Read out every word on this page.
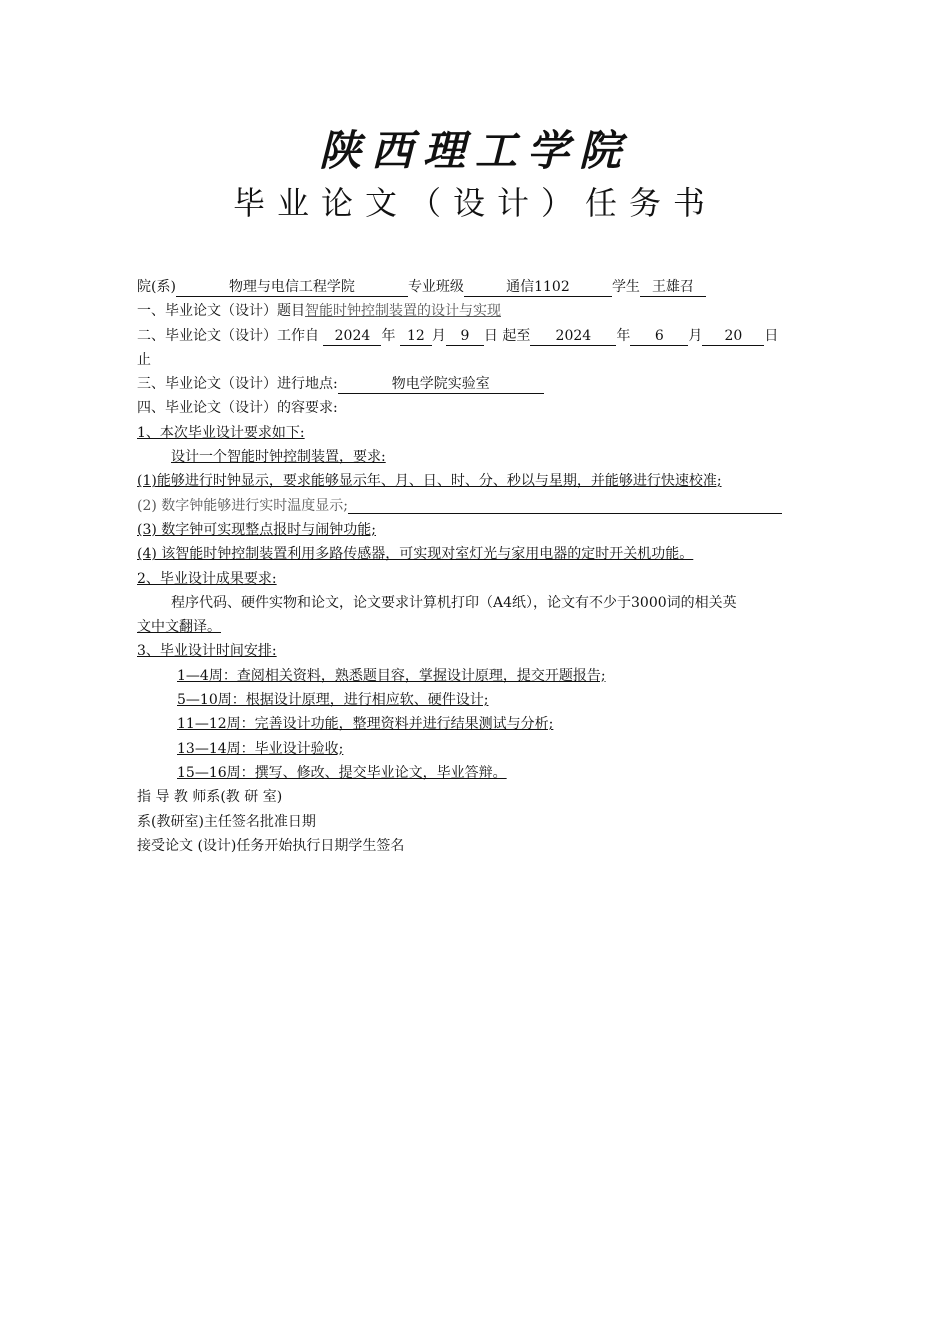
陕西理工学院
毕业论文（设计）任务书
院(系)	物理与电信工程学院	专业班级	通信1102	学生 王雄召
一、毕业论文（设计）题目智能时钟控制装置的设计与实现
二、毕业论文（设计）工作自 2024 年 12 月 9 日 起至 2024 年 6 月 20 日
止
三、毕业论文（设计）进行地点:	物电学院实验室
四、毕业论文（设计）的容要求:
1、本次毕业设计要求如下:
设计一个智能时钟控制装置，要求:
(1)能够进行时钟显示，要求能够显示年、月、日、时、分、秒以与星期，并能够进行快速校准;
(2) 数字钟能够进行实时温度显示;
(3) 数字钟可实现整点报时与闹钟功能;
(4) 该智能时钟控制装置利用多路传感器，可实现对室灯光与家用电器的定时开关机功能。
2、毕业设计成果要求:
程序代码、硬件实物和论文，论文要求计算机打印（A4纸），论文有不少于3000词的相关英
文中文翻译。
3、毕业设计时间安排:
1—4周：查阅相关资料，熟悉题目容，掌握设计原理，提交开题报告;
5—10周：根据设计原理，进行相应软、硬件设计;
11—12周：完善设计功能，整理资料并进行结果测试与分析;
13—14周：毕业设计验收;
15—16周：撰写、修改、提交毕业论文，毕业答辩。
指 导 教 师系(教 研 室)
系(教研室)主任签名批准日期
接受论文 (设计)任务开始执行日期学生签名
